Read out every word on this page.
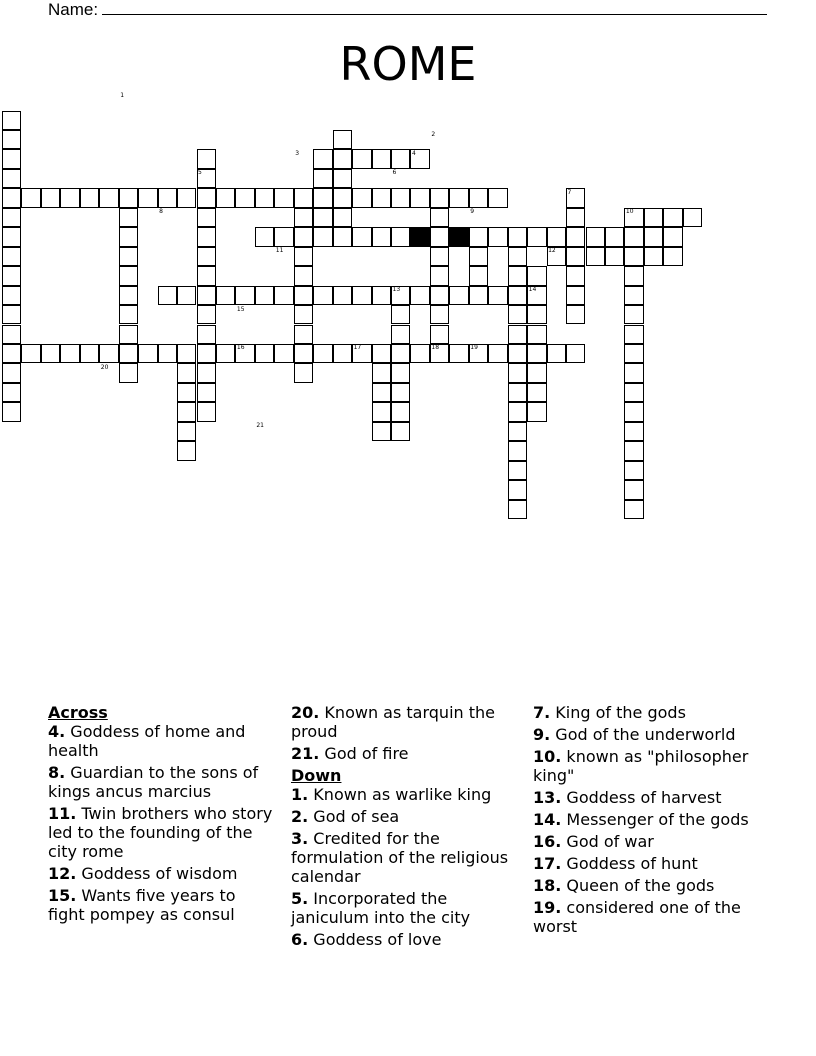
Name:
ROME
1
2
3	4
5	6
7
8	9	10
11	12
13	14
15
16	17	18	19
20
21
Across
4. Goddess of home and health
8. Guardian to the sons of kings ancus marcius
11. Twin brothers who story led to the founding of the city rome
12. Goddess of wisdom
15. Wants five years to fight pompey as consul
20. Known as tarquin the proud
21. God of fire
Down
1. Known as warlike king
2. God of sea
3. Credited for the formulation of the religious calendar
5. Incorporated the janiculum into the city
6. Goddess of love
7. King of the gods
9. God of the underworld
10. known as "philosopher king"
13. Goddess of harvest
14. Messenger of the gods
16. God of war
17. Goddess of hunt
18. Queen of the gods
19. considered one of the worst
